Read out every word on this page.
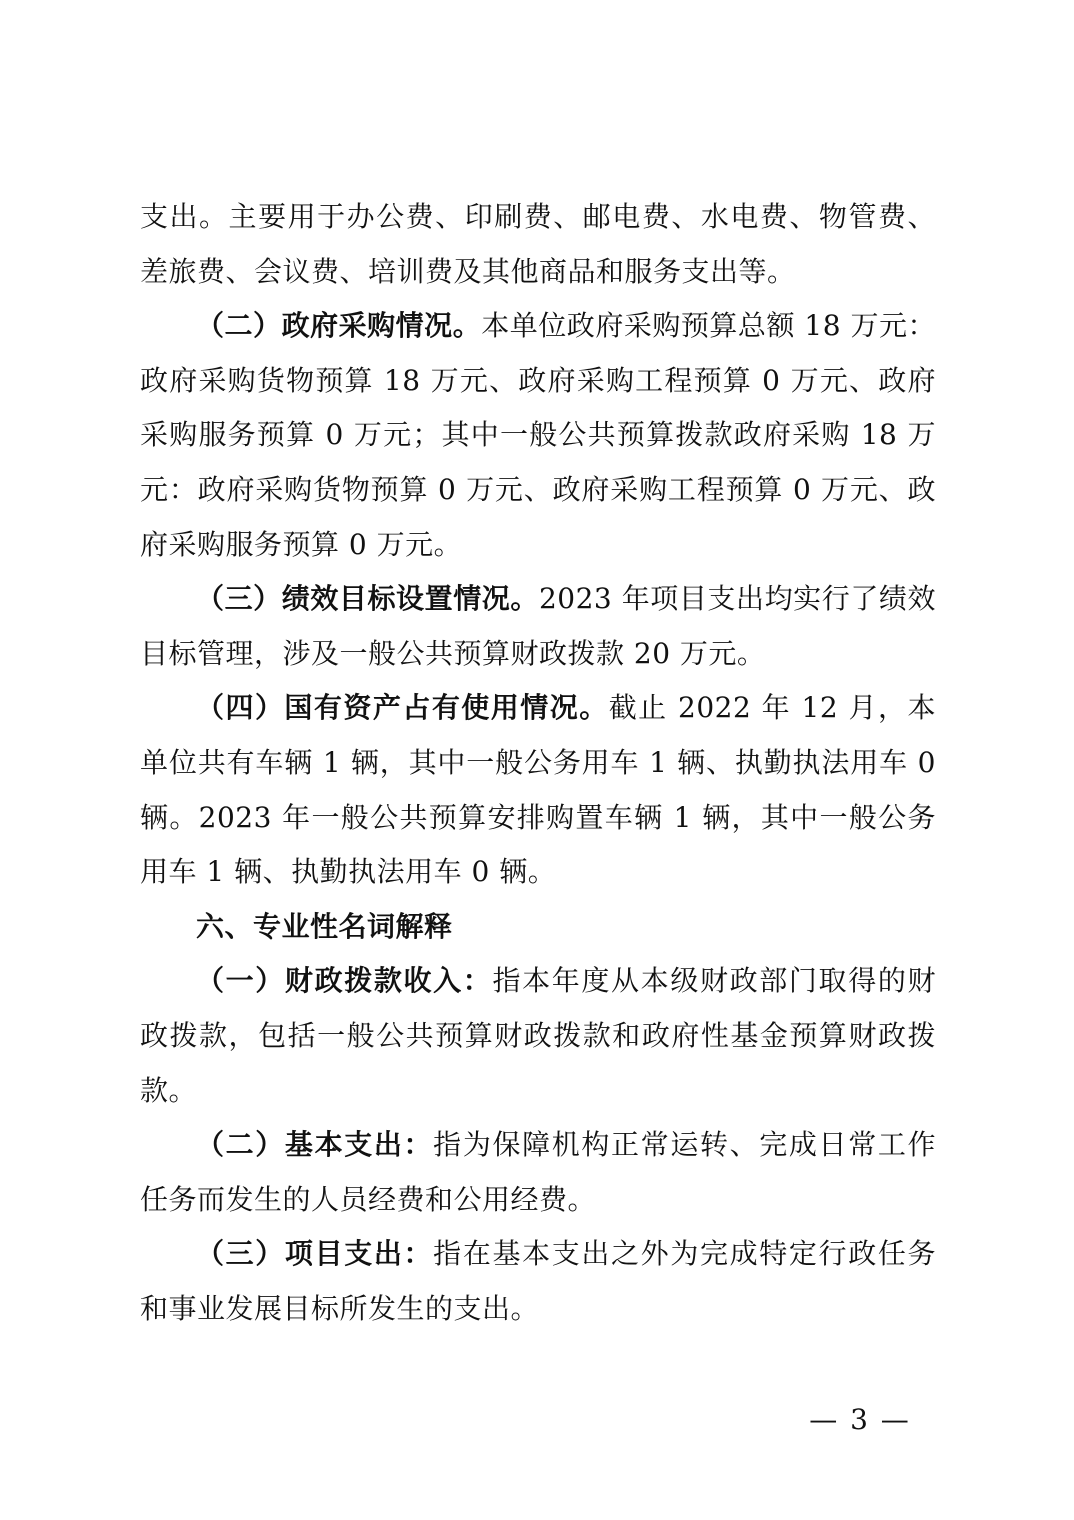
支出。主要用于办公费、印刷费、邮电费、水电费、物管费、差旅费、会议费、培训费及其他商品和服务支出等。

（二）政府采购情况。本单位政府采购预算总额 18 万元：政府采购货物预算 18 万元、政府采购工程预算 0 万元、政府采购服务预算 0 万元；其中一般公共预算拨款政府采购 18 万元：政府采购货物预算 0 万元、政府采购工程预算 0 万元、政府采购服务预算 0 万元。

（三）绩效目标设置情况。2023 年项目支出均实行了绩效目标管理，涉及一般公共预算财政拨款 20 万元。

（四）国有资产占有使用情况。截止 2022 年 12 月，本单位共有车辆 1 辆，其中一般公务用车 1 辆、执勤执法用车 0 辆。2023 年一般公共预算安排购置车辆 1 辆，其中一般公务用车 1 辆、执勤执法用车 0 辆。

六、专业性名词解释

（一）财政拨款收入：指本年度从本级财政部门取得的财政拨款，包括一般公共预算财政拨款和政府性基金预算财政拨款。

（二）基本支出：指为保障机构正常运转、完成日常工作任务而发生的人员经费和公用经费。

（三）项目支出：指在基本支出之外为完成特定行政任务和事业发展目标所发生的支出。

— 3 —
